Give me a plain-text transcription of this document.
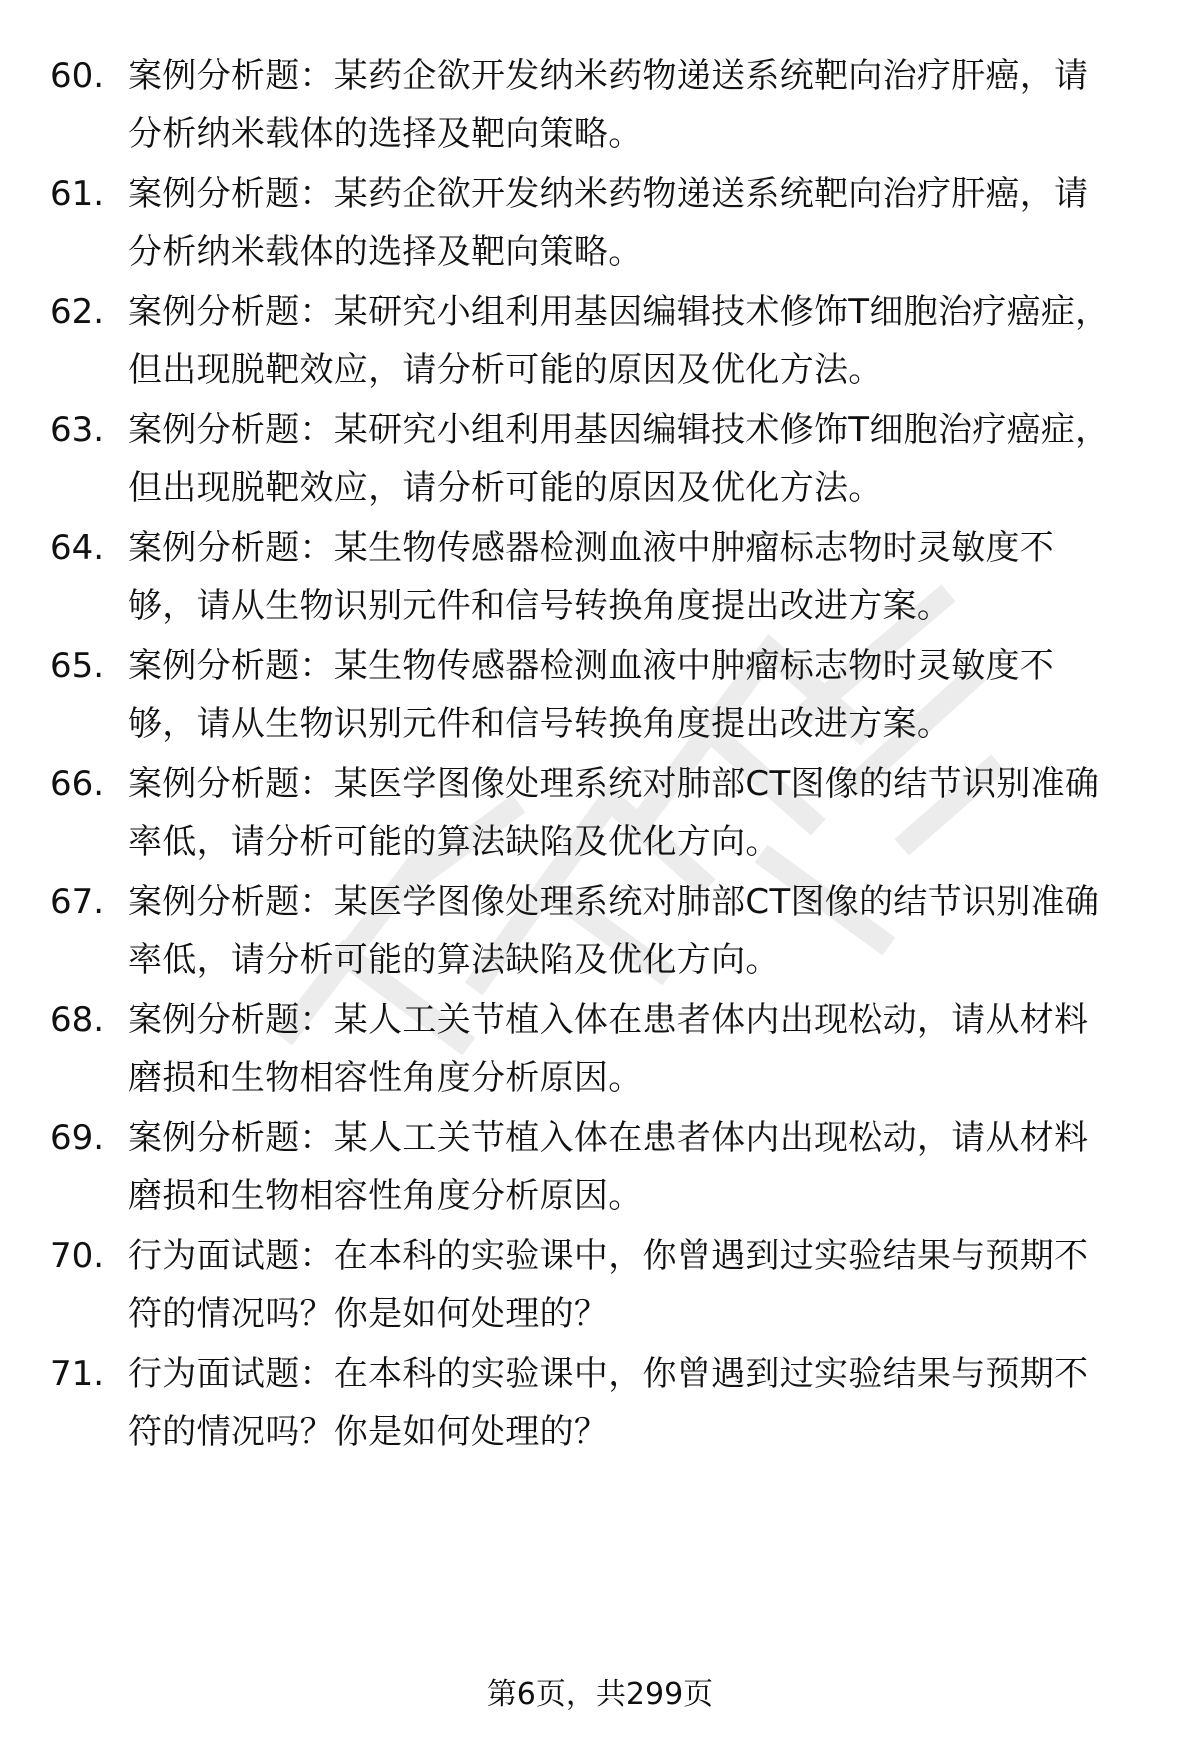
60. 案例分析题：某药企欲开发纳米药物递送系统靶向治疗肝癌，请
分析纳米载体的选择及靶向策略。
61. 案例分析题：某药企欲开发纳米药物递送系统靶向治疗肝癌，请
分析纳米载体的选择及靶向策略。
62. 案例分析题：某研究小组利用基因编辑技术修饰T细胞治疗癌症，
但出现脱靶效应，请分析可能的原因及优化方法。
63. 案例分析题：某研究小组利用基因编辑技术修饰T细胞治疗癌症，
但出现脱靶效应，请分析可能的原因及优化方法。
64. 案例分析题：某生物传感器检测血液中肿瘤标志物时灵敏度不
够，请从生物识别元件和信号转换角度提出改进方案。
65. 案例分析题：某生物传感器检测血液中肿瘤标志物时灵敏度不
够，请从生物识别元件和信号转换角度提出改进方案。
66. 案例分析题：某医学图像处理系统对肺部CT图像的结节识别准确
率低，请分析可能的算法缺陷及优化方向。
67. 案例分析题：某医学图像处理系统对肺部CT图像的结节识别准确
率低，请分析可能的算法缺陷及优化方向。
68. 案例分析题：某人工关节植入体在患者体内出现松动，请从材料
磨损和生物相容性角度分析原因。
69. 案例分析题：某人工关节植入体在患者体内出现松动，请从材料
磨损和生物相容性角度分析原因。
70. 行为面试题：在本科的实验课中，你曾遇到过实验结果与预期不
符的情况吗？你是如何处理的？
71. 行为面试题：在本科的实验课中，你曾遇到过实验结果与预期不
符的情况吗？你是如何处理的？
第6页，共299页
